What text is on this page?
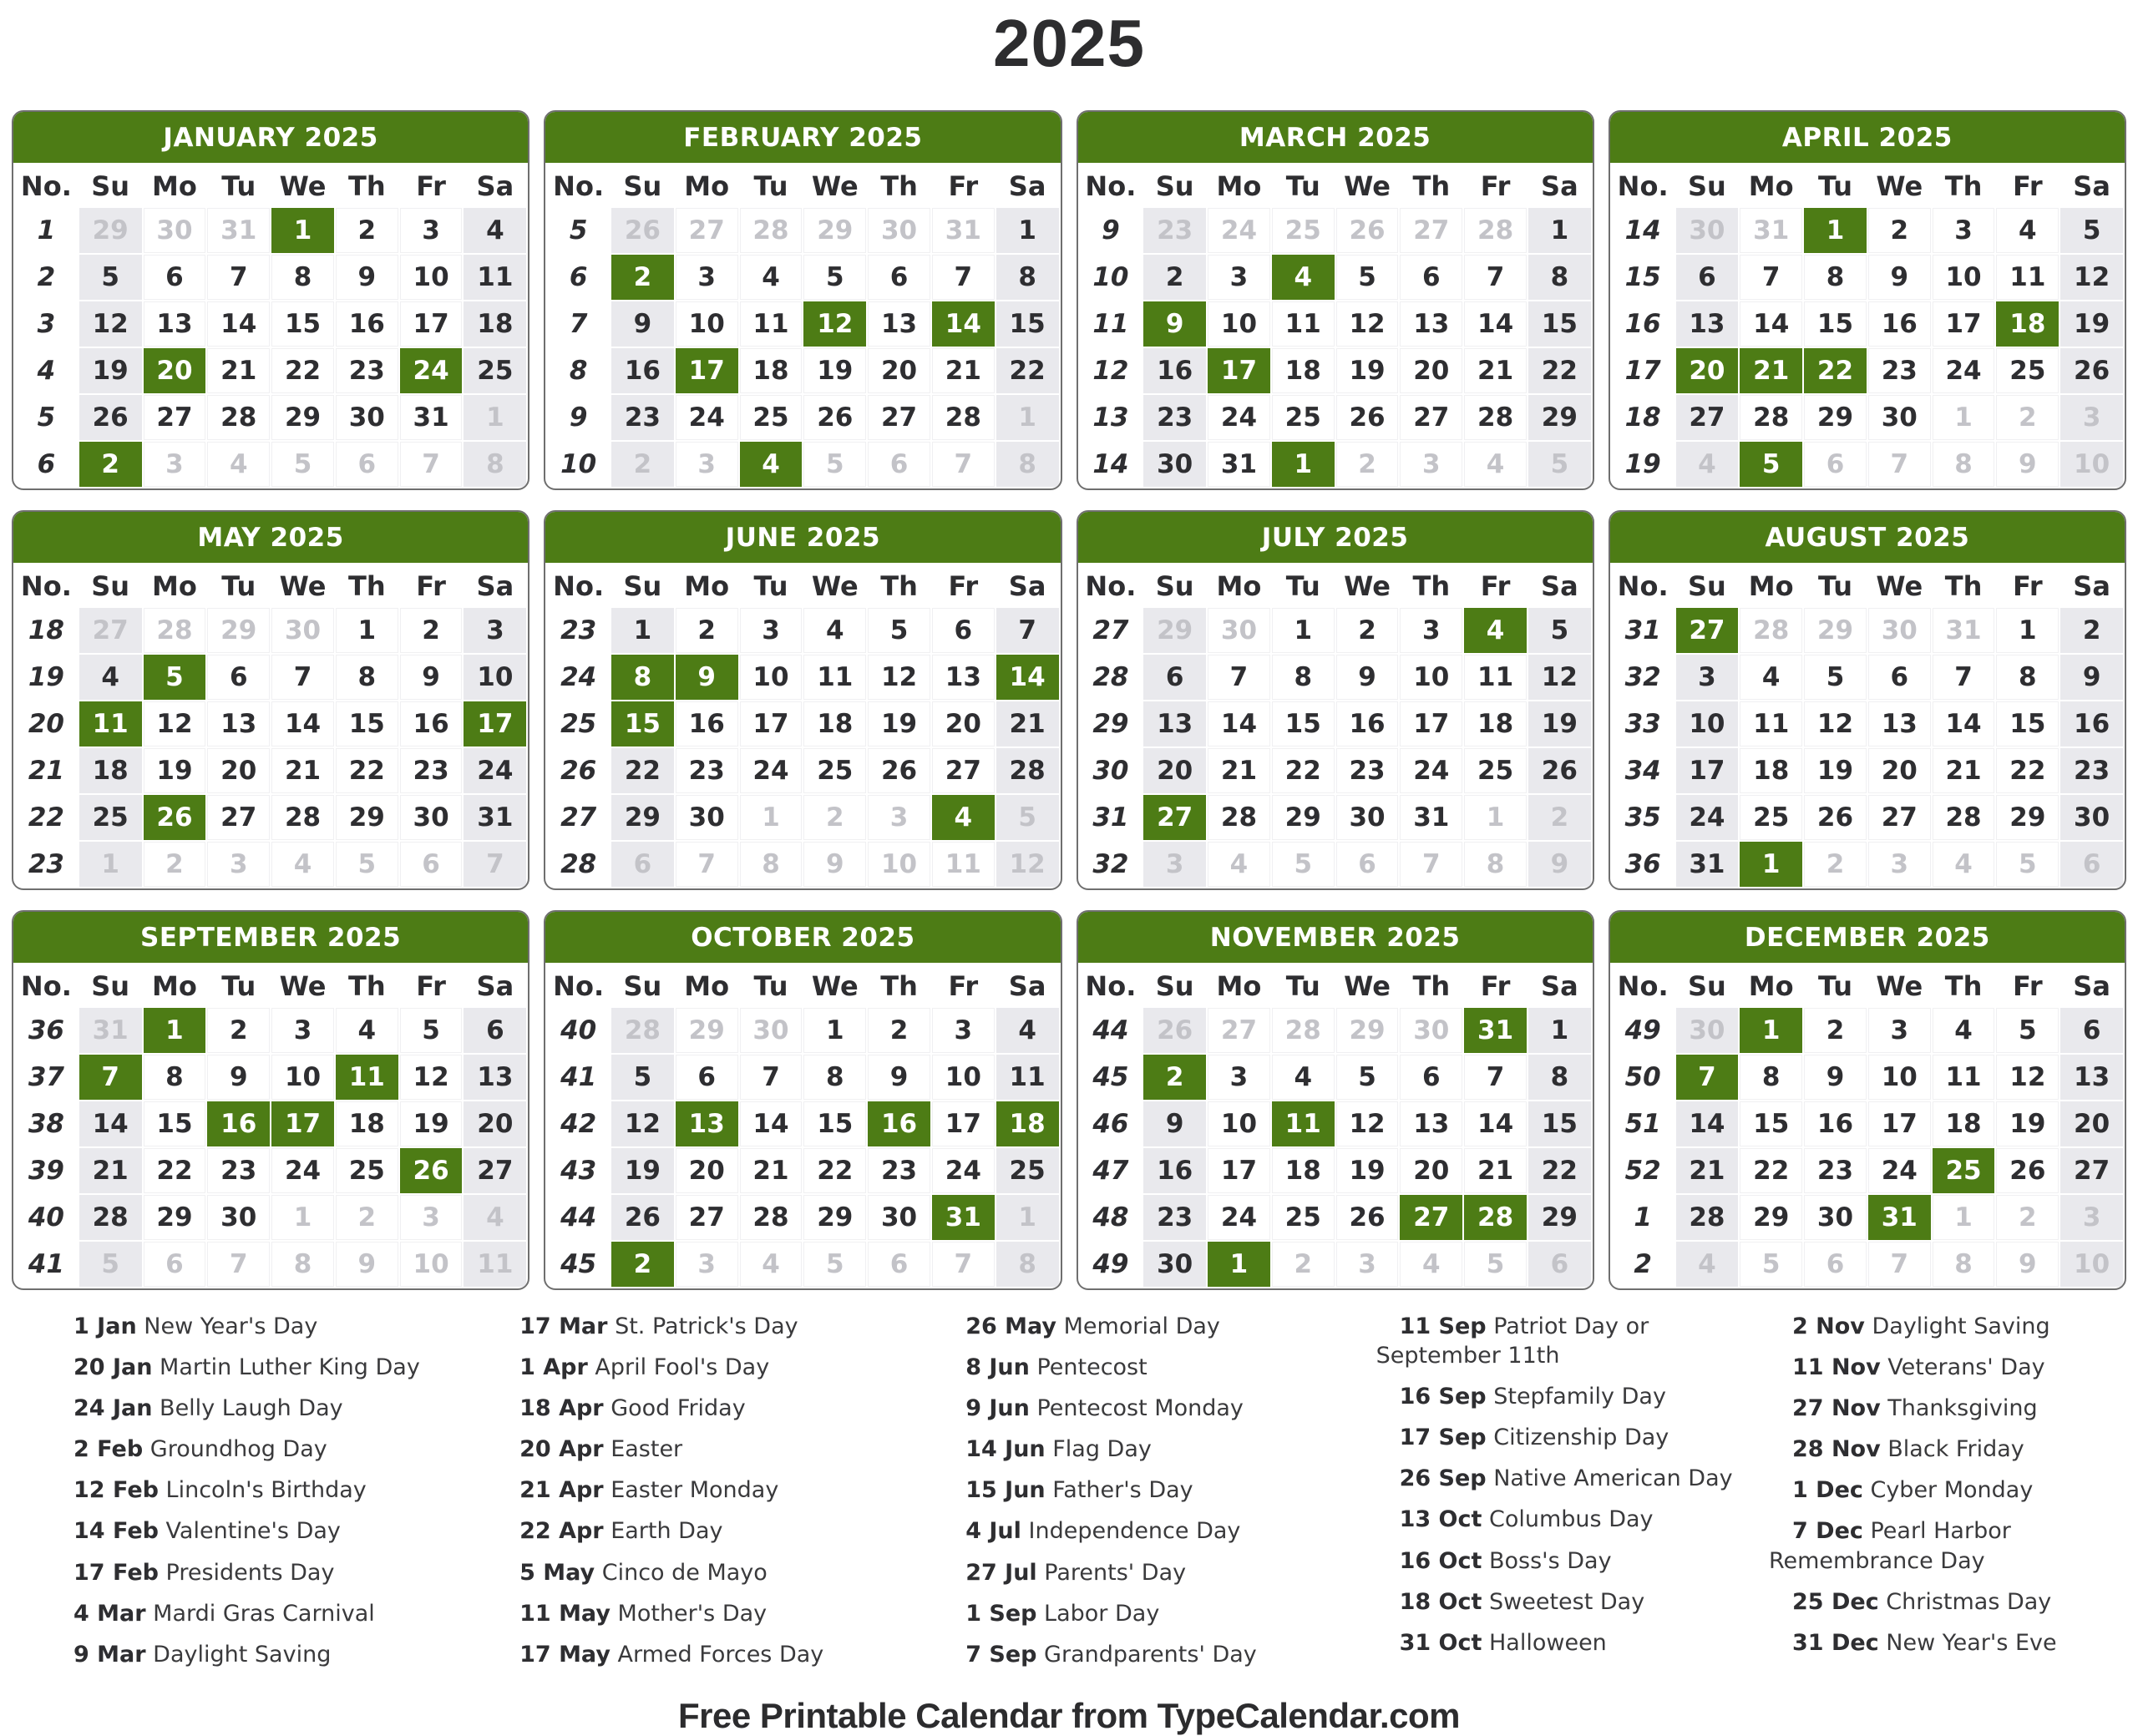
2025
JANUARY 2025
No.	Su	Mo	Tu	We	Th	Fr	Sa
1	29	30	31	1	2	3	4
2	5	6	7	8	9	10	11
3	12	13	14	15	16	17	18
4	19	20	21	22	23	24	25
5	26	27	28	29	30	31	1
6	2	3	4	5	6	7	8
FEBRUARY 2025
No.	Su	Mo	Tu	We	Th	Fr	Sa
5	26	27	28	29	30	31	1
6	2	3	4	5	6	7	8
7	9	10	11	12	13	14	15
8	16	17	18	19	20	21	22
9	23	24	25	26	27	28	1
10	2	3	4	5	6	7	8
MARCH 2025
No.	Su	Mo	Tu	We	Th	Fr	Sa
9	23	24	25	26	27	28	1
10	2	3	4	5	6	7	8
11	9	10	11	12	13	14	15
12	16	17	18	19	20	21	22
13	23	24	25	26	27	28	29
14	30	31	1	2	3	4	5
APRIL 2025
No.	Su	Mo	Tu	We	Th	Fr	Sa
14	30	31	1	2	3	4	5
15	6	7	8	9	10	11	12
16	13	14	15	16	17	18	19
17	20	21	22	23	24	25	26
18	27	28	29	30	1	2	3
19	4	5	6	7	8	9	10
MAY 2025
No.	Su	Mo	Tu	We	Th	Fr	Sa
18	27	28	29	30	1	2	3
19	4	5	6	7	8	9	10
20	11	12	13	14	15	16	17
21	18	19	20	21	22	23	24
22	25	26	27	28	29	30	31
23	1	2	3	4	5	6	7
JUNE 2025
No.	Su	Mo	Tu	We	Th	Fr	Sa
23	1	2	3	4	5	6	7
24	8	9	10	11	12	13	14
25	15	16	17	18	19	20	21
26	22	23	24	25	26	27	28
27	29	30	1	2	3	4	5
28	6	7	8	9	10	11	12
JULY 2025
No.	Su	Mo	Tu	We	Th	Fr	Sa
27	29	30	1	2	3	4	5
28	6	7	8	9	10	11	12
29	13	14	15	16	17	18	19
30	20	21	22	23	24	25	26
31	27	28	29	30	31	1	2
32	3	4	5	6	7	8	9
AUGUST 2025
No.	Su	Mo	Tu	We	Th	Fr	Sa
31	27	28	29	30	31	1	2
32	3	4	5	6	7	8	9
33	10	11	12	13	14	15	16
34	17	18	19	20	21	22	23
35	24	25	26	27	28	29	30
36	31	1	2	3	4	5	6
SEPTEMBER 2025
No.	Su	Mo	Tu	We	Th	Fr	Sa
36	31	1	2	3	4	5	6
37	7	8	9	10	11	12	13
38	14	15	16	17	18	19	20
39	21	22	23	24	25	26	27
40	28	29	30	1	2	3	4
41	5	6	7	8	9	10	11
OCTOBER 2025
No.	Su	Mo	Tu	We	Th	Fr	Sa
40	28	29	30	1	2	3	4
41	5	6	7	8	9	10	11
42	12	13	14	15	16	17	18
43	19	20	21	22	23	24	25
44	26	27	28	29	30	31	1
45	2	3	4	5	6	7	8
NOVEMBER 2025
No.	Su	Mo	Tu	We	Th	Fr	Sa
44	26	27	28	29	30	31	1
45	2	3	4	5	6	7	8
46	9	10	11	12	13	14	15
47	16	17	18	19	20	21	22
48	23	24	25	26	27	28	29
49	30	1	2	3	4	5	6
DECEMBER 2025
No.	Su	Mo	Tu	We	Th	Fr	Sa
49	30	1	2	3	4	5	6
50	7	8	9	10	11	12	13
51	14	15	16	17	18	19	20
52	21	22	23	24	25	26	27
1	28	29	30	31	1	2	3
2	4	5	6	7	8	9	10

1 Jan New Year's Day

20 Jan Martin Luther King Day

24 Jan Belly Laugh Day

2 Feb Groundhog Day

12 Feb Lincoln's Birthday

14 Feb Valentine's Day

17 Feb Presidents Day

4 Mar Mardi Gras Carnival

9 Mar Daylight Saving

17 Mar St. Patrick's Day

1 Apr April Fool's Day

18 Apr Good Friday

20 Apr Easter

21 Apr Easter Monday

22 Apr Earth Day

5 May Cinco de Mayo

11 May Mother's Day

17 May Armed Forces Day

26 May Memorial Day

8 Jun Pentecost

9 Jun Pentecost Monday

14 Jun Flag Day

15 Jun Father's Day

4 Jul Independence Day

27 Jul Parents' Day

1 Sep Labor Day

7 Sep Grandparents' Day

11 Sep Patriot Day or September 11th

16 Sep Stepfamily Day

17 Sep Citizenship Day

26 Sep Native American Day

13 Oct Columbus Day

16 Oct Boss's Day

18 Oct Sweetest Day

31 Oct Halloween

2 Nov Daylight Saving

11 Nov Veterans' Day

27 Nov Thanksgiving

28 Nov Black Friday

1 Dec Cyber Monday

7 Dec Pearl Harbor Remembrance Day

25 Dec Christmas Day

31 Dec New Year's Eve

Free Printable Calendar from TypeCalendar.com
